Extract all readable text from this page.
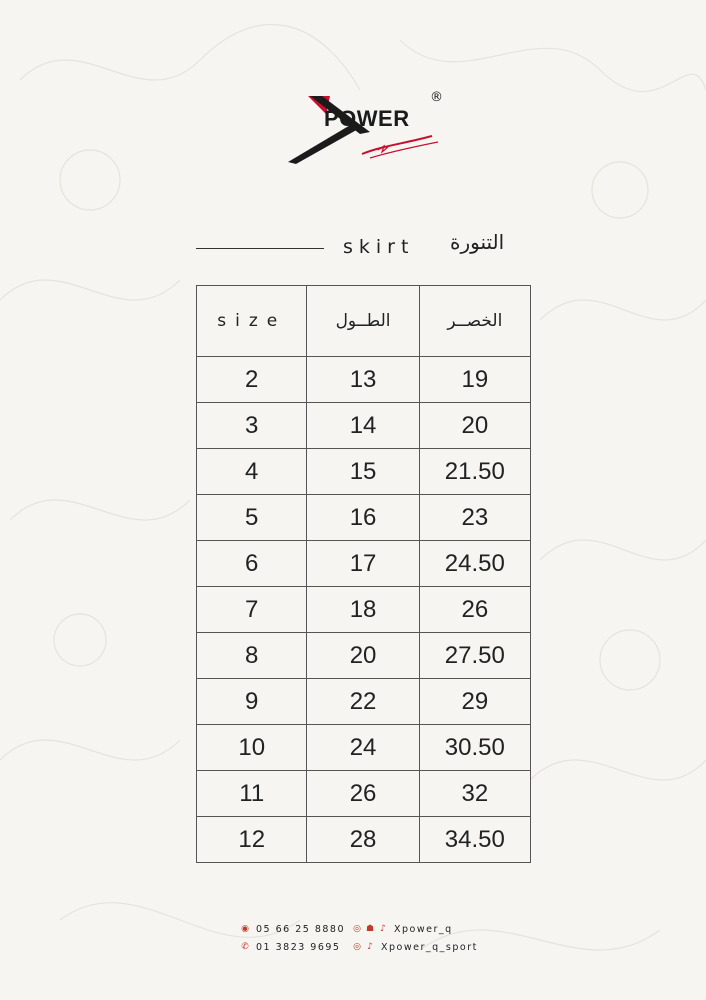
POWER
®
skirt التنورة
size	الطــول	الخصــر
2	13	19
3	14	20
4	15	21.50
5	16	23
6	17	24.50
7	18	26
8	20	27.50
9	22	29
10	24	30.50
11	26	32
12	28	34.50
◉ 05 66 25 8880 ◎ ☗ ♪ Xpower_q
✆ 01 3823 9695	◎ ♪ Xpower_q_sport
